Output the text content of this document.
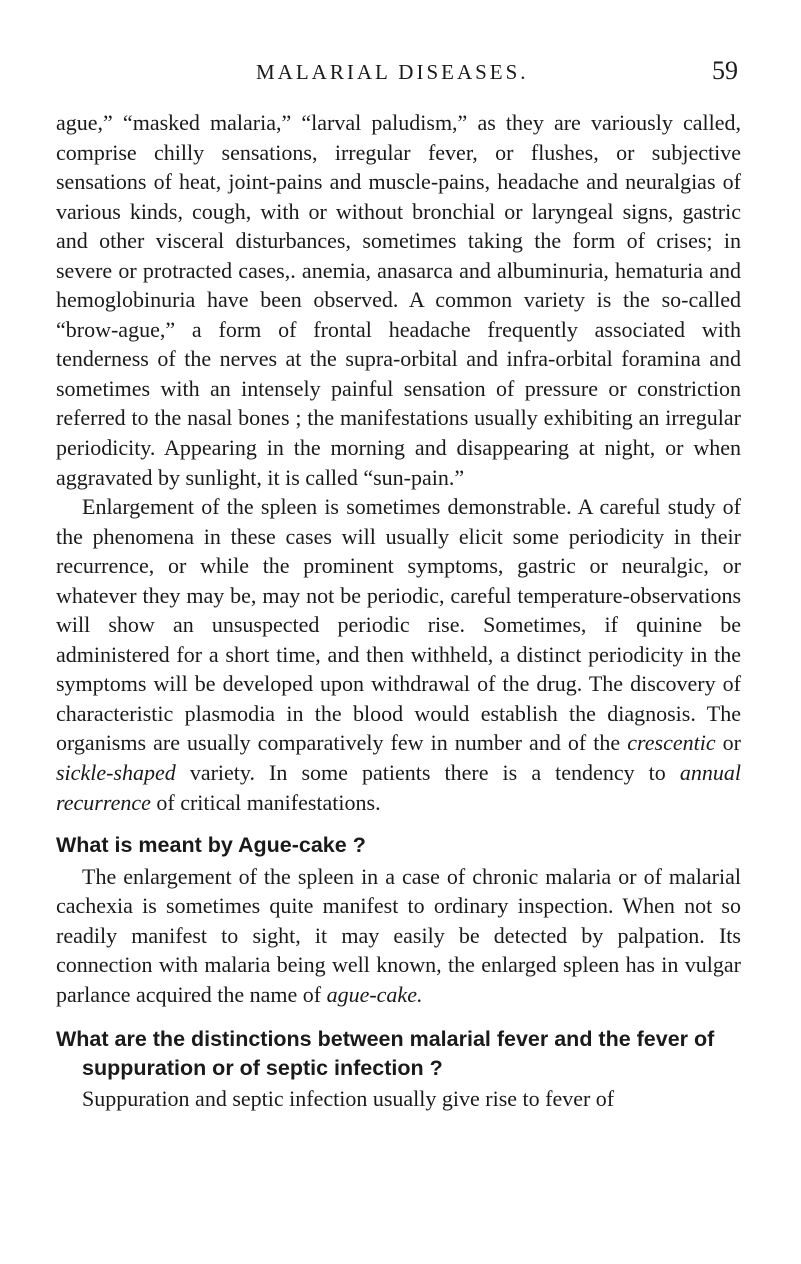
MALARIAL DISEASES.	59

ague,” “masked malaria,” “larval paludism,” as they are variously called, comprise chilly sensations, irregular fever, or flushes, or subjective sensations of heat, joint-pains and muscle-pains, headache and neuralgias of various kinds, cough, with or without bronchial or laryngeal signs, gastric and other visceral disturbances, sometimes taking the form of crises; in severe or protracted cases,. anemia, anasarca and albuminuria, hematuria and hemoglobinuria have been observed. A common variety is the so-called “brow-ague,” a form of frontal headache frequently associated with tenderness of the nerves at the supra-orbital and infra-orbital foramina and sometimes with an intensely painful sensation of pressure or constriction referred to the nasal bones ; the manifestations usually exhibiting an irregular periodicity. Appearing in the morning and disappearing at night, or when aggravated by sunlight, it is called “sun-pain.”

Enlargement of the spleen is sometimes demonstrable. A careful study of the phenomena in these cases will usually elicit some periodicity in their recurrence, or while the prominent symptoms, gastric or neuralgic, or whatever they may be, may not be periodic, careful temperature-observations will show an unsuspected periodic rise. Sometimes, if quinine be administered for a short time, and then withheld, a distinct periodicity in the symptoms will be developed upon withdrawal of the drug. The discovery of characteristic plasmodia in the blood would establish the diagnosis. The organisms are usually comparatively few in number and of the crescentic or sickle-shaped variety. In some patients there is a tendency to annual recurrence of critical manifestations.

What is meant by Ague-cake ?

The enlargement of the spleen in a case of chronic malaria or of malarial cachexia is sometimes quite manifest to ordinary inspection. When not so readily manifest to sight, it may easily be detected by palpation. Its connection with malaria being well known, the enlarged spleen has in vulgar parlance acquired the name of ague-cake.

What are the distinctions between malarial fever and the fever of suppuration or of septic infection ?

Suppuration and septic infection usually give rise to fever of
